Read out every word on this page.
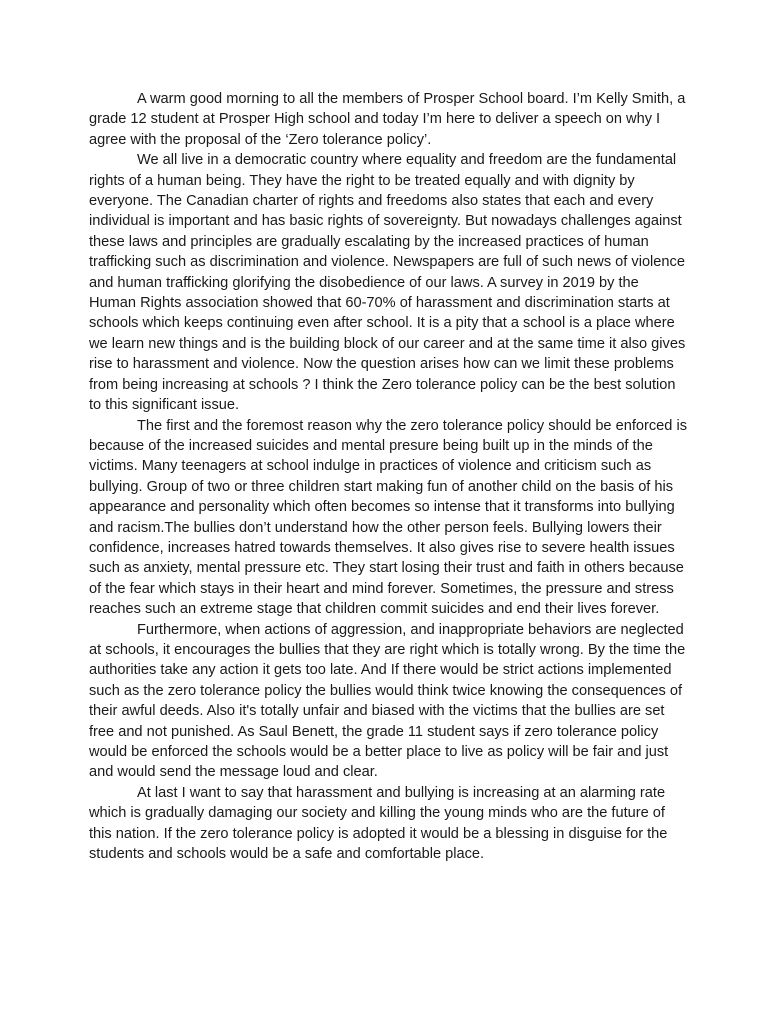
A warm good morning to all the members of Prosper School board. I’m Kelly Smith, a grade 12 student at Prosper High school and today I’m here to deliver a speech on why I agree with the proposal of the ‘Zero tolerance policy’.

We all live in a democratic country where equality and freedom are the fundamental rights of a human being. They have the right to be treated equally and with dignity by everyone. The Canadian charter of rights and freedoms also states that each and every individual is important and has basic rights of sovereignty. But nowadays challenges against these laws and principles are gradually escalating by the increased practices of human trafficking such as discrimination and violence. Newspapers are full of such news of violence and human trafficking glorifying the disobedience of our laws. A survey in 2019 by the Human Rights association showed that 60-70% of harassment and discrimination starts at schools which keeps continuing even after school. It is a pity that a school is a place where we learn new things and is the building block of our career and at the same time it also gives rise to harassment and violence. Now the question arises how can we limit these problems from being increasing at schools ? I think the Zero tolerance policy can be the best solution to this significant issue.

The first and the foremost reason why the zero tolerance policy should be enforced is because of the increased suicides and mental presure being built up in the minds of the victims. Many teenagers at school indulge in practices of violence and criticism such as bullying. Group of two or three children start making fun of another child on the basis of his appearance and personality which often becomes so intense that it transforms into bullying and racism.The bullies don’t understand how the other person feels. Bullying lowers their confidence, increases hatred towards themselves. It also gives rise to severe health issues such as anxiety, mental pressure etc. They start losing their trust and faith in others because of the fear which stays in their heart and mind forever. Sometimes, the pressure and stress reaches such an extreme stage that children commit suicides and end their lives forever.

Furthermore, when actions of aggression, and inappropriate behaviors are neglected at schools, it encourages the bullies that they are right which is totally wrong. By the time the authorities take any action it gets too late. And If there would be strict actions implemented such as the zero tolerance policy the bullies would think twice knowing the consequences of their awful deeds. Also it's totally unfair and biased with the victims that the bullies are set free and not punished. As Saul Benett, the grade 11 student says if zero tolerance policy would be enforced the schools would be a better place to live as policy will be fair and just and would send the message loud and clear.

At last I want to say that harassment and bullying is increasing at an alarming rate which is gradually damaging our society and killing the young minds who are the future of this nation. If the zero tolerance policy is adopted it would be a blessing in disguise for the students and schools would be a safe and comfortable place.
